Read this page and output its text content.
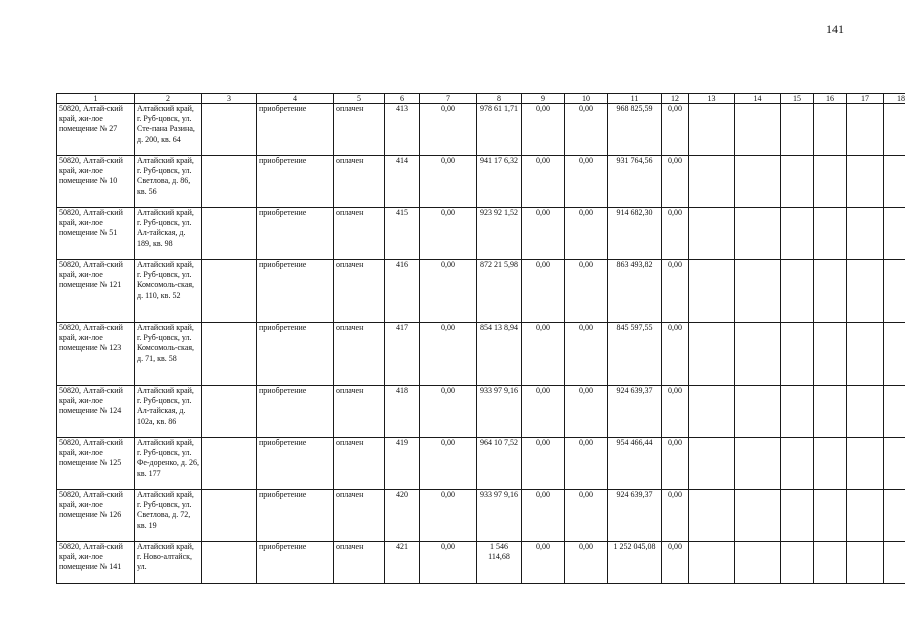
141
1	2	3	4	5	6	7	8	9	10	11	12	13	14	15	16	17	18
50820, Алтай-ский край, жи-лое помещение № 27	Алтайский край, г. Руб-цовск, ул. Сте-пана Разина, д. 200, кв. 64		приобретение	оплачен	413	0,00	978 61 1,71	0,00	0,00	968 825,59	0,00						
50820, Алтай-ский край, жи-лое помещение № 10	Алтайский край, г. Руб-цовск, ул. Светлова, д. 86, кв. 56		приобретение	оплачен	414	0,00	941 17 6,32	0,00	0,00	931 764,56	0,00						
50820, Алтай-ский край, жи-лое помещение № 51	Алтайский край, г. Руб-цовск, ул. Ал-тайская, д. 189, кв. 98		приобретение	оплачен	415	0,00	923 92 1,52	0,00	0,00	914 682,30	0,00						
50820, Алтай-ский край, жи-лое помещение № 121	Алтайский край, г. Руб-цовск, ул. Комсомоль-ская, д. 110, кв. 52		приобретение	оплачен	416	0,00	872 21 5,98	0,00	0,00	863 493,82	0,00						
50820, Алтай-ский край, жи-лое помещение № 123	Алтайский край, г. Руб-цовск, ул. Комсомоль-ская, д. 71, кв. 58		приобретение	оплачен	417	0,00	854 13 8,94	0,00	0,00	845 597,55	0,00						
50820, Алтай-ский край, жи-лое помещение № 124	Алтайский край, г. Руб-цовск, ул. Ал-тайская, д. 102а, кв. 86		приобретение	оплачен	418	0,00	933 97 9,16	0,00	0,00	924 639,37	0,00						
50820, Алтай-ский край, жи-лое помещение № 125	Алтайский край, г. Руб-цовск, ул. Фе-доренко, д. 26, кв. 177		приобретение	оплачен	419	0,00	964 10 7,52	0,00	0,00	954 466,44	0,00						
50820, Алтай-ский край, жи-лое помещение № 126	Алтайский край, г. Руб-цовск, ул. Светлова, д. 72, кв. 19		приобретение	оплачен	420	0,00	933 97 9,16	0,00	0,00	924 639,37	0,00						
50820, Алтай-ский край, жи-лое помещение № 141	Алтайский край, г. Ново-алтайск, ул.		приобретение	оплачен	421	0,00	1 546 114,68	0,00	0,00	1 252 045,08	0,00						
